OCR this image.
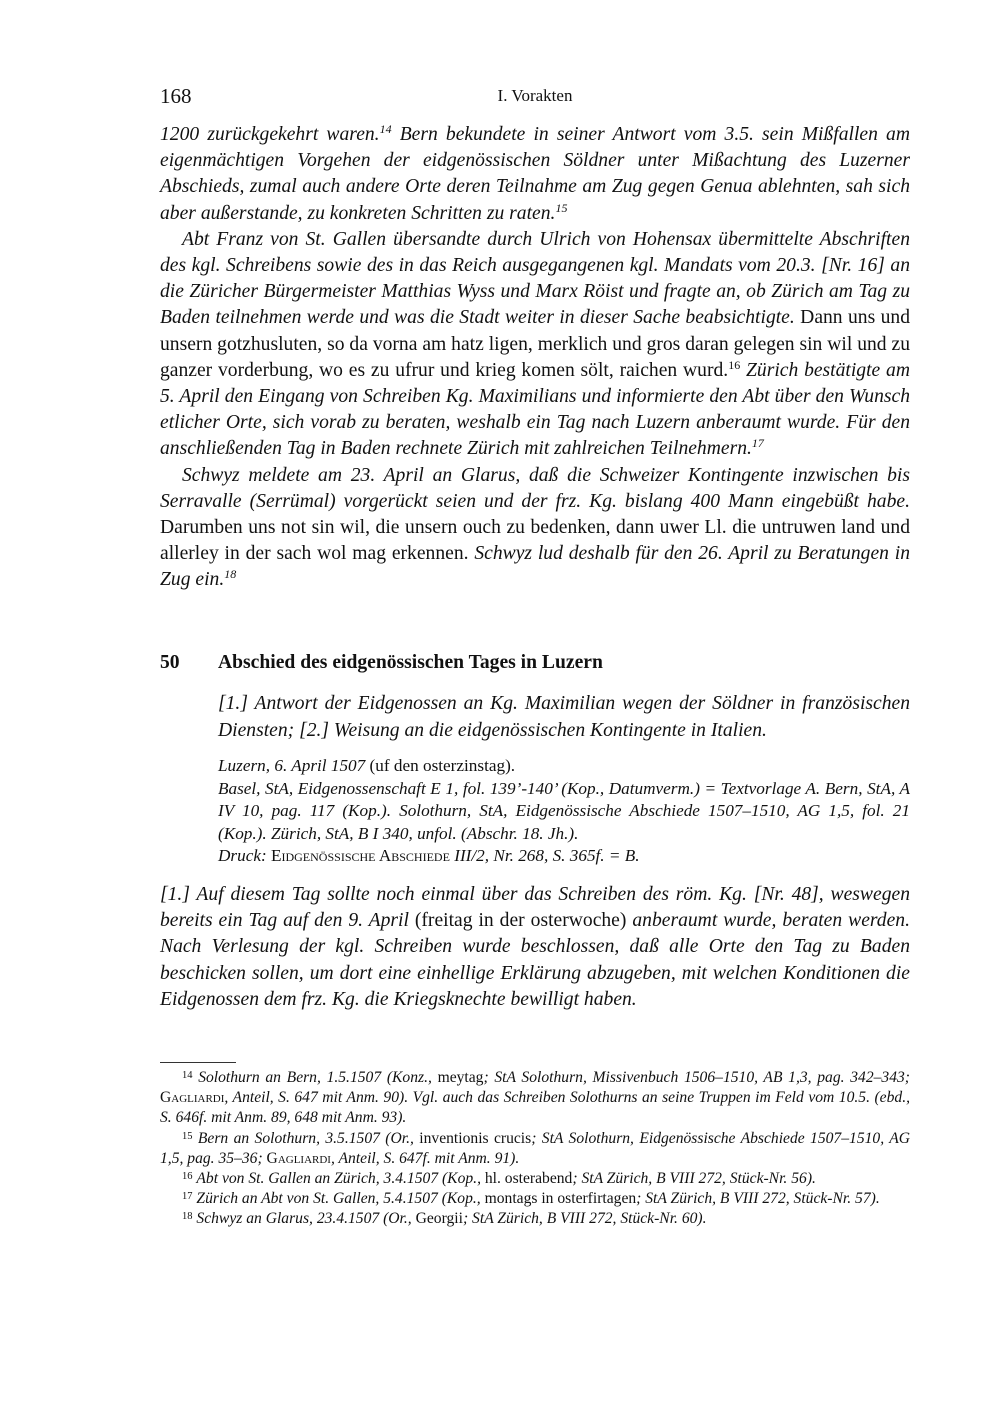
168	I. Vorakten

1200 zurückgekehrt waren.$^{14}$ Bern bekundete in seiner Antwort vom 3.5. sein Mißfallen am eigenmächtigen Vorgehen der eidgenössischen Söldner unter Mißachtung des Luzerner Abschieds, zumal auch andere Orte deren Teilnahme am Zug gegen Genua ablehnten, sah sich aber außerstande, zu konkreten Schritten zu raten.$^{15}$

Abt Franz von St. Gallen übersandte durch Ulrich von Hohensax übermittelte Abschriften des kgl. Schreibens sowie des in das Reich ausgegangenen kgl. Mandats vom 20.3. [Nr. 16] an die Züricher Bürgermeister Matthias Wyss und Marx Röist und fragte an, ob Zürich am Tag zu Baden teilnehmen werde und was die Stadt weiter in dieser Sache beabsichtigte. Dann uns und unsern gotzhusluten, so da vorna am hatz ligen, merklich und gros daran gelegen sin wil und zu ganzer vorderbung, wo es zu ufrur und krieg komen sölt, raichen wurd.$^{16}$ Zürich bestätigte am 5. April den Eingang von Schreiben Kg. Maximilians und informierte den Abt über den Wunsch etlicher Orte, sich vorab zu beraten, weshalb ein Tag nach Luzern anberaumt wurde. Für den anschließenden Tag in Baden rechnete Zürich mit zahlreichen Teilnehmern.$^{17}$

Schwyz meldete am 23. April an Glarus, daß die Schweizer Kontingente inzwischen bis Serravalle (Serrümal) vorgerückt seien und der frz. Kg. bislang 400 Mann eingebüßt habe. Darumben uns not sin wil, die unsern ouch zu bedenken, dann uwer Ll. die untruwen land und allerley in der sach wol mag erkennen. Schwyz lud deshalb für den 26. April zu Beratungen in Zug ein.$^{18}$

50 Abschied des eidgenössischen Tages in Luzern
[1.] Antwort der Eidgenossen an Kg. Maximilian wegen der Söldner in französischen Diensten; [2.] Weisung an die eidgenössischen Kontingente in Italien.
Luzern, 6. April 1507 (uf den osterzinstag).
Basel, StA, Eidgenossenschaft E 1, fol. 139’-140’ (Kop., Datumverm.) = Textvorlage A. Bern, StA, A IV 10, pag. 117 (Kop.). Solothurn, StA, Eidgenössische Abschiede 1507–1510, AG 1,5, fol. 21 (Kop.). Zürich, StA, B I 340, unfol. (Abschr. 18. Jh.).
Druck: Eidgenössische Abschiede III/2, Nr. 268, S. 365f. = B.
[1.] Auf diesem Tag sollte noch einmal über das Schreiben des röm. Kg. [Nr. 48], weswegen bereits ein Tag auf den 9. April (freitag in der osterwoche) anberaumt wurde, beraten werden. Nach Verlesung der kgl. Schreiben wurde beschlossen, daß alle Orte den Tag zu Baden beschicken sollen, um dort eine einhellige Erklärung abzugeben, mit welchen Konditionen die Eidgenossen dem frz. Kg. die Kriegsknechte bewilligt haben.

$^{14}$ Solothurn an Bern, 1.5.1507 (Konz., meytag; StA Solothurn, Missivenbuch 1506–1510, AB 1,3, pag. 342–343; Gagliardi, Anteil, S. 647 mit Anm. 90). Vgl. auch das Schreiben Solothurns an seine Truppen im Feld vom 10.5. (ebd., S. 646f. mit Anm. 89, 648 mit Anm. 93).

$^{15}$ Bern an Solothurn, 3.5.1507 (Or., inventionis crucis; StA Solothurn, Eidgenössische Abschiede 1507–1510, AG 1,5, pag. 35–36; Gagliardi, Anteil, S. 647f. mit Anm. 91).

$^{16}$ Abt von St. Gallen an Zürich, 3.4.1507 (Kop., hl. osterabend; StA Zürich, B VIII 272, Stück-Nr. 56).

$^{17}$ Zürich an Abt von St. Gallen, 5.4.1507 (Kop., montags in osterfirtagen; StA Zürich, B VIII 272, Stück-Nr. 57).

$^{18}$ Schwyz an Glarus, 23.4.1507 (Or., Georgii; StA Zürich, B VIII 272, Stück-Nr. 60).
